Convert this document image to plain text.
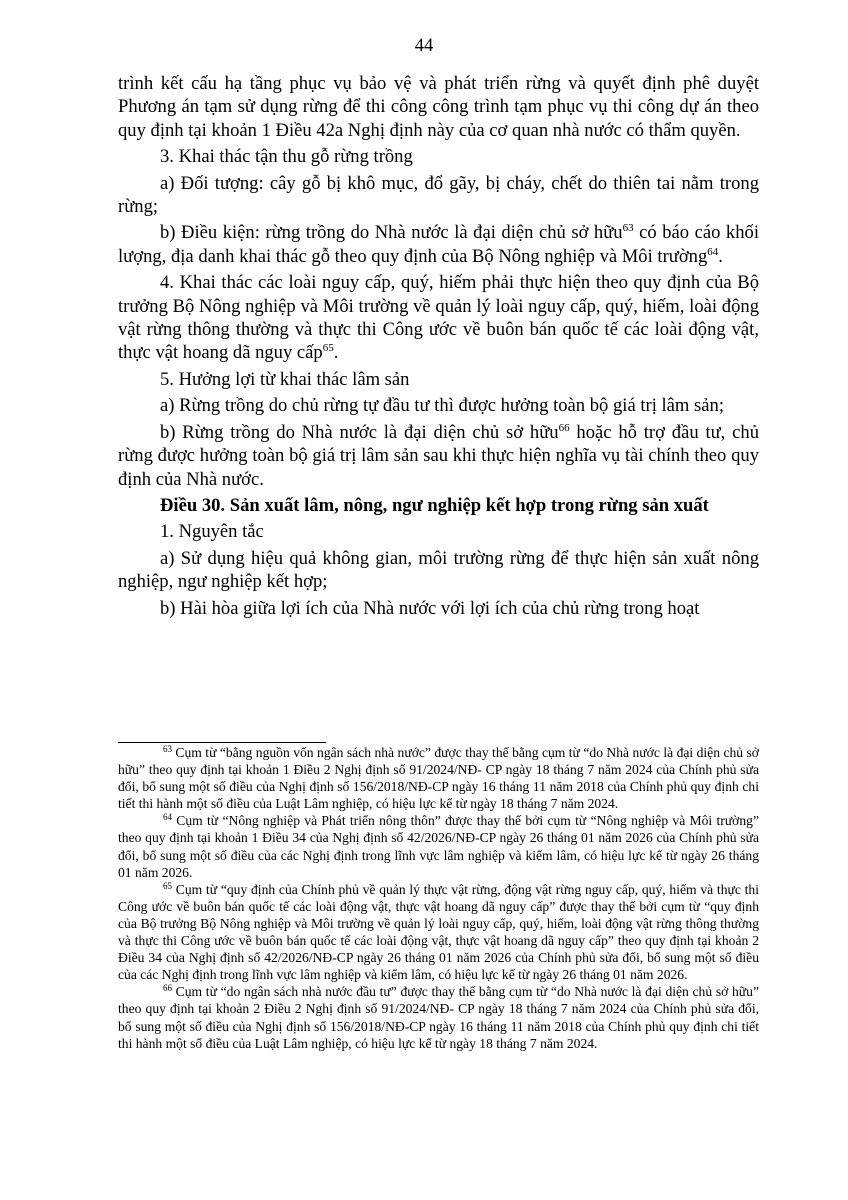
44

trình kết cấu hạ tầng phục vụ bảo vệ và phát triển rừng và quyết định phê duyệt Phương án tạm sử dụng rừng để thi công công trình tạm phục vụ thi công dự án theo quy định tại khoản 1 Điều 42a Nghị định này của cơ quan nhà nước có thẩm quyền.

3. Khai thác tận thu gỗ rừng trồng

a) Đối tượng: cây gỗ bị khô mục, đổ gãy, bị cháy, chết do thiên tai nằm trong rừng;

b) Điều kiện: rừng trồng do Nhà nước là đại diện chủ sở hữu$^{63}$ có báo cáo khối lượng, địa danh khai thác gỗ theo quy định của Bộ Nông nghiệp và Môi trường$^{64}$.

4. Khai thác các loài nguy cấp, quý, hiếm phải thực hiện theo quy định của Bộ trưởng Bộ Nông nghiệp và Môi trường về quản lý loài nguy cấp, quý, hiếm, loài động vật rừng thông thường và thực thi Công ước về buôn bán quốc tế các loài động vật, thực vật hoang dã nguy cấp$^{65}$.

5. Hưởng lợi từ khai thác lâm sản

a) Rừng trồng do chủ rừng tự đầu tư thì được hưởng toàn bộ giá trị lâm sản;

b) Rừng trồng do Nhà nước là đại diện chủ sở hữu$^{66}$ hoặc hỗ trợ đầu tư, chủ rừng được hưởng toàn bộ giá trị lâm sản sau khi thực hiện nghĩa vụ tài chính theo quy định của Nhà nước.

Điều 30. Sản xuất lâm, nông, ngư nghiệp kết hợp trong rừng sản xuất

1. Nguyên tắc

a) Sử dụng hiệu quả không gian, môi trường rừng để thực hiện sản xuất nông nghiệp, ngư nghiệp kết hợp;

b) Hài hòa giữa lợi ích của Nhà nước với lợi ích của chủ rừng trong hoạt

$^{63}$ Cụm từ “bằng nguồn vốn ngân sách nhà nước” được thay thế bằng cụm từ “do Nhà nước là đại diện chủ sở hữu” theo quy định tại khoản 1 Điều 2 Nghị định số 91/2024/NĐ- CP ngày 18 tháng 7 năm 2024 của Chính phủ sửa đổi, bổ sung một số điều của Nghị định số 156/2018/NĐ-CP ngày 16 tháng 11 năm 2018 của Chính phủ quy định chi tiết thi hành một số điều của Luật Lâm nghiệp, có hiệu lực kể từ ngày 18 tháng 7 năm 2024.

$^{64}$ Cụm từ “Nông nghiệp và Phát triển nông thôn” được thay thế bởi cụm từ “Nông nghiệp và Môi trường” theo quy định tại khoản 1 Điều 34 của Nghị định số 42/2026/NĐ-CP ngày 26 tháng 01 năm 2026 của Chính phủ sửa đổi, bổ sung một số điều của các Nghị định trong lĩnh vực lâm nghiệp và kiểm lâm, có hiệu lực kể từ ngày 26 tháng 01 năm 2026.

$^{65}$ Cụm từ “quy định của Chính phủ về quản lý thực vật rừng, động vật rừng nguy cấp, quý, hiếm và thực thi Công ước về buôn bán quốc tế các loài động vật, thực vật hoang dã nguy cấp” được thay thế bởi cụm từ “quy định của Bộ trưởng Bộ Nông nghiệp và Môi trường về quản lý loài nguy cấp, quý, hiếm, loài động vật rừng thông thường và thực thi Công ước về buôn bán quốc tế các loài động vật, thực vật hoang dã nguy cấp” theo quy định tại khoản 2 Điều 34 của Nghị định số 42/2026/NĐ-CP ngày 26 tháng 01 năm 2026 của Chính phủ sửa đổi, bổ sung một số điều của các Nghị định trong lĩnh vực lâm nghiệp và kiểm lâm, có hiệu lực kể từ ngày 26 tháng 01 năm 2026.

$^{66}$ Cụm từ “do ngân sách nhà nước đầu tư” được thay thế bằng cụm từ “do Nhà nước là đại diện chủ sở hữu” theo quy định tại khoản 2 Điều 2 Nghị định số 91/2024/NĐ- CP ngày 18 tháng 7 năm 2024 của Chính phủ sửa đổi, bổ sung một số điều của Nghị định số 156/2018/NĐ-CP ngày 16 tháng 11 năm 2018 của Chính phủ quy định chi tiết thi hành một số điều của Luật Lâm nghiệp, có hiệu lực kể từ ngày 18 tháng 7 năm 2024.
